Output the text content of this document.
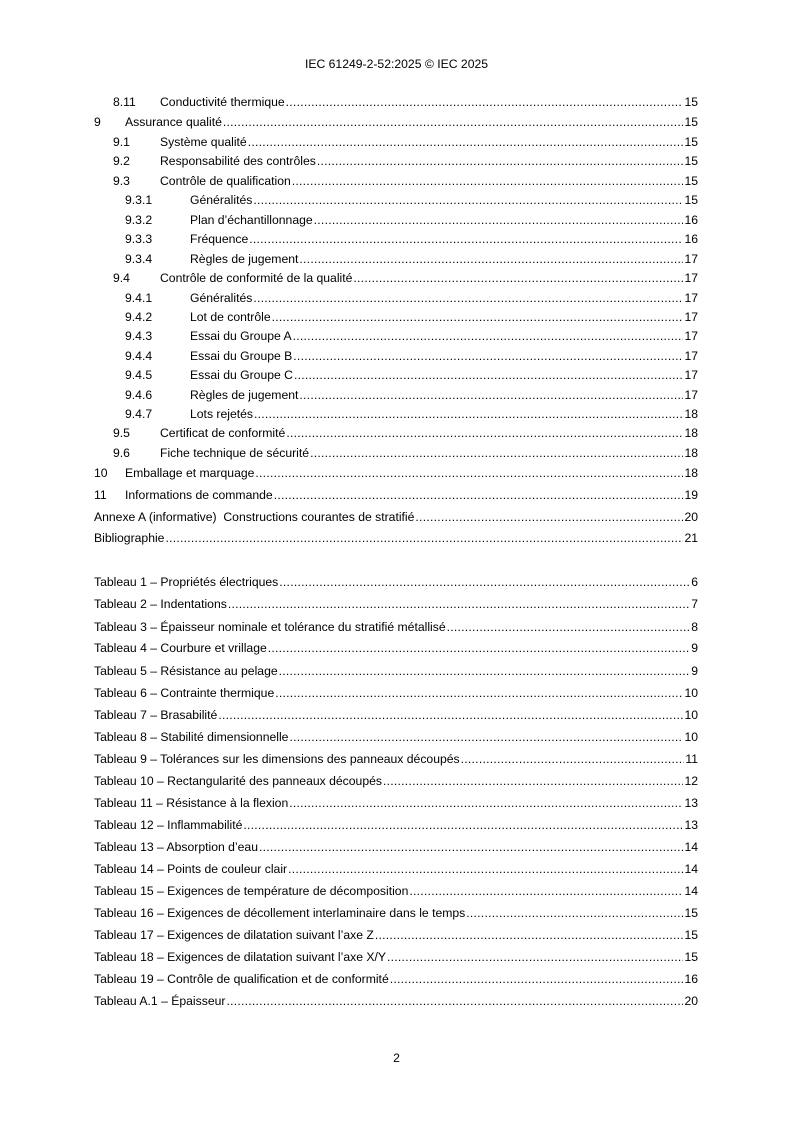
IEC 61249-2-52:2025 © IEC 2025
8.11	Conductivité thermique .....	15
9	Assurance qualité .....	15
9.1	Système qualité .....	15
9.2	Responsabilité des contrôles .....	15
9.3	Contrôle de qualification .....	15
9.3.1	Généralités .....	15
9.3.2	Plan d’échantillonnage .....	16
9.3.3	Fréquence .....	16
9.3.4	Règles de jugement .....	17
9.4	Contrôle de conformité de la qualité .....	17
9.4.1	Généralités .....	17
9.4.2	Lot de contrôle .....	17
9.4.3	Essai du Groupe A .....	17
9.4.4	Essai du Groupe B .....	17
9.4.5	Essai du Groupe C .....	17
9.4.6	Règles de jugement .....	17
9.4.7	Lots rejetés .....	18
9.5	Certificat de conformité .....	18
9.6	Fiche technique de sécurité .....	18
10	Emballage et marquage .....	18
11	Informations de commande .....	19
Annexe A (informative)  Constructions courantes de stratifié .....	20
Bibliographie .....	21
Tableau 1 – Propriétés électriques .....	6
Tableau 2 – Indentations .....	7
Tableau 3 – Épaisseur nominale et tolérance du stratifié métallisé .....	8
Tableau 4 – Courbure et vrillage .....	9
Tableau 5 – Résistance au pelage .....	9
Tableau 6 – Contrainte thermique .....	10
Tableau 7 – Brasabilité .....	10
Tableau 8 – Stabilité dimensionnelle .....	10
Tableau 9 – Tolérances sur les dimensions des panneaux découpés .....	11
Tableau 10 – Rectangularité des panneaux découpés .....	12
Tableau 11 – Résistance à la flexion .....	13
Tableau 12 – Inflammabilité .....	13
Tableau 13 – Absorption d’eau .....	14
Tableau 14 – Points de couleur clair .....	14
Tableau 15 – Exigences de température de décomposition .....	14
Tableau 16 – Exigences de décollement interlaminaire dans le temps .....	15
Tableau 17 – Exigences de dilatation suivant l’axe Z .....	15
Tableau 18 – Exigences de dilatation suivant l’axe X/Y .....	15
Tableau 19 – Contrôle de qualification et de conformité .....	16
Tableau A.1 – Épaisseur .....	20
2
